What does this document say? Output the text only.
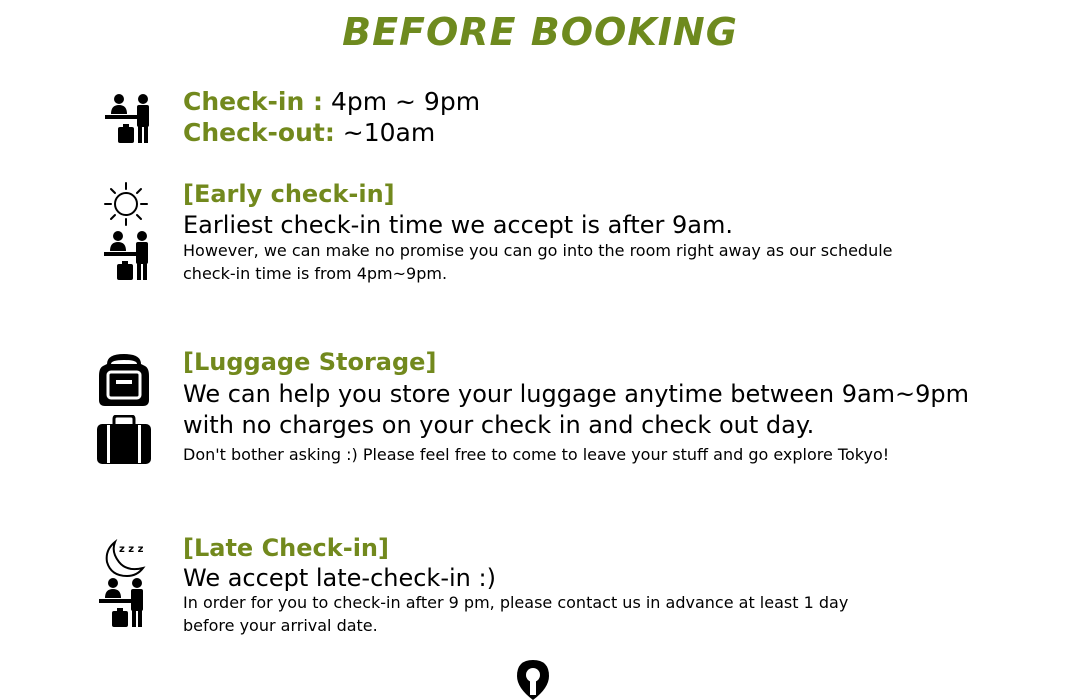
BEFORE BOOKING
Check-in : 4pm ~ 9pm
Check-out: ~10am
[Early check-in]
Earliest check-in time we accept is after 9am.
However, we can make no promise you can go into the room right away as our schedule
check-in time is from 4pm~9pm.
[Luggage Storage]
We can help you store your luggage anytime between 9am~9pm
with no charges on your check in and check out day.
Don't bother asking :) Please feel free to come to leave your stuff and go explore Tokyo!
z z z [Late Check-in]
We accept late-check-in :)
In order for you to check-in after 9 pm, please contact us in advance at least 1 day
before your arrival date.
